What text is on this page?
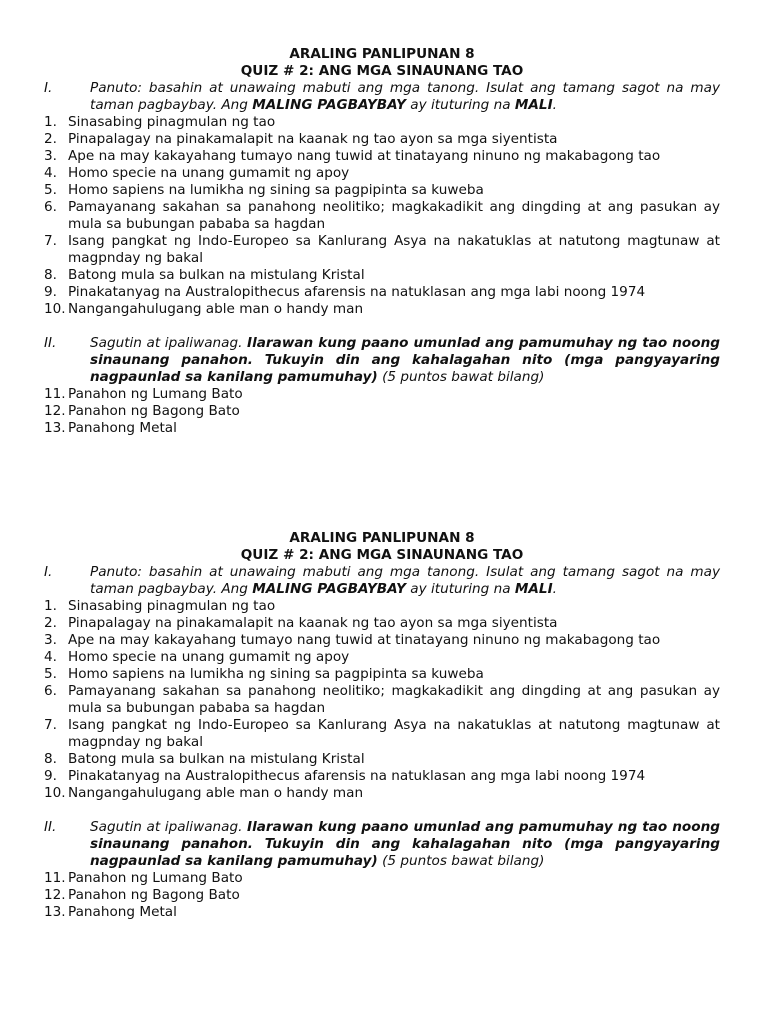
ARALING PANLIPUNAN 8

QUIZ # 2: ANG MGA SINAUNANG TAO

I.	Panuto: basahin at unawaing mabuti ang mga tanong. Isulat ang tamang sagot na may taman pagbaybay. Ang MALING PAGBAYBAY ay ituturing na MALI.
1. Sinasabing pinagmulan ng tao
2. Pinapalagay na pinakamalapit na kaanak ng tao ayon sa mga siyentista
3. Ape na may kakayahang tumayo nang tuwid at tinatayang ninuno ng makabagong tao
4. Homo specie na unang gumamit ng apoy
5. Homo sapiens na lumikha ng sining sa pagpipinta sa kuweba
6. Pamayanang sakahan sa panahong neolitiko; magkakadikit ang dingding at ang pasukan ay mula sa bubungan pababa sa hagdan
7. Isang pangkat ng Indo-Europeo sa Kanlurang Asya na nakatuklas at natutong magtunaw at magpnday ng bakal
8. Batong mula sa bulkan na mistulang Kristal
9. Pinakatanyag na Australopithecus afarensis na natuklasan ang mga labi noong 1974
10. Nangangahulugang able man o handy man
II.	Sagutin at ipaliwanag. Ilarawan kung paano umunlad ang pamumuhay ng tao noong sinaunang panahon. Tukuyin din ang kahalagahan nito (mga pangyayaring nagpaunlad sa kanilang pamumuhay) (5 puntos bawat bilang)
11. Panahon ng Lumang Bato
12. Panahon ng Bagong Bato
13. Panahong Metal

ARALING PANLIPUNAN 8

QUIZ # 2: ANG MGA SINAUNANG TAO

I.	Panuto: basahin at unawaing mabuti ang mga tanong. Isulat ang tamang sagot na may taman pagbaybay. Ang MALING PAGBAYBAY ay ituturing na MALI.
1. Sinasabing pinagmulan ng tao
2. Pinapalagay na pinakamalapit na kaanak ng tao ayon sa mga siyentista
3. Ape na may kakayahang tumayo nang tuwid at tinatayang ninuno ng makabagong tao
4. Homo specie na unang gumamit ng apoy
5. Homo sapiens na lumikha ng sining sa pagpipinta sa kuweba
6. Pamayanang sakahan sa panahong neolitiko; magkakadikit ang dingding at ang pasukan ay mula sa bubungan pababa sa hagdan
7. Isang pangkat ng Indo-Europeo sa Kanlurang Asya na nakatuklas at natutong magtunaw at magpnday ng bakal
8. Batong mula sa bulkan na mistulang Kristal
9. Pinakatanyag na Australopithecus afarensis na natuklasan ang mga labi noong 1974
10. Nangangahulugang able man o handy man
II.	Sagutin at ipaliwanag. Ilarawan kung paano umunlad ang pamumuhay ng tao noong sinaunang panahon. Tukuyin din ang kahalagahan nito (mga pangyayaring nagpaunlad sa kanilang pamumuhay) (5 puntos bawat bilang)
11. Panahon ng Lumang Bato
12. Panahon ng Bagong Bato
13. Panahong Metal
